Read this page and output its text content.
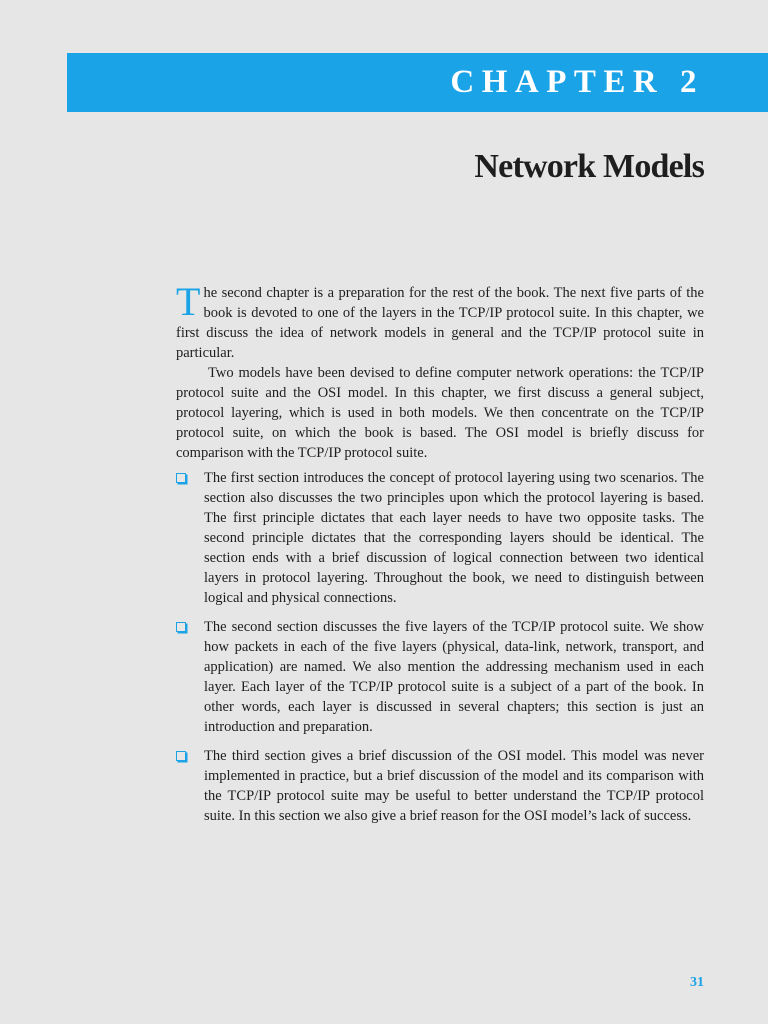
CHAPTER 2
Network Models
T he second chapter is a preparation for the rest of the book. The next five parts of the book is devoted to one of the layers in the TCP/IP protocol suite. In this chapter, we first discuss the idea of network models in general and the TCP/IP protocol suite in particular.

Two models have been devised to define computer network operations: the TCP/IP protocol suite and the OSI model. In this chapter, we first discuss a general subject, protocol layering, which is used in both models. We then concentrate on the TCP/IP protocol suite, on which the book is based. The OSI model is briefly discuss for comparison with the TCP/IP protocol suite.

The first section introduces the concept of protocol layering using two scenarios. The section also discusses the two principles upon which the protocol layering is based. The first principle dictates that each layer needs to have two opposite tasks. The second principle dictates that the corresponding layers should be identical. The section ends with a brief discussion of logical connection between two identical layers in protocol layering. Throughout the book, we need to distinguish between logical and physical connections.
The second section discusses the five layers of the TCP/IP protocol suite. We show how packets in each of the five layers (physical, data-link, network, transport, and application) are named. We also mention the addressing mechanism used in each layer. Each layer of the TCP/IP protocol suite is a subject of a part of the book. In other words, each layer is discussed in several chapters; this section is just an introduction and preparation.
The third section gives a brief discussion of the OSI model. This model was never implemented in practice, but a brief discussion of the model and its comparison with the TCP/IP protocol suite may be useful to better understand the TCP/IP protocol suite. In this section we also give a brief reason for the OSI model’s lack of success.
31
